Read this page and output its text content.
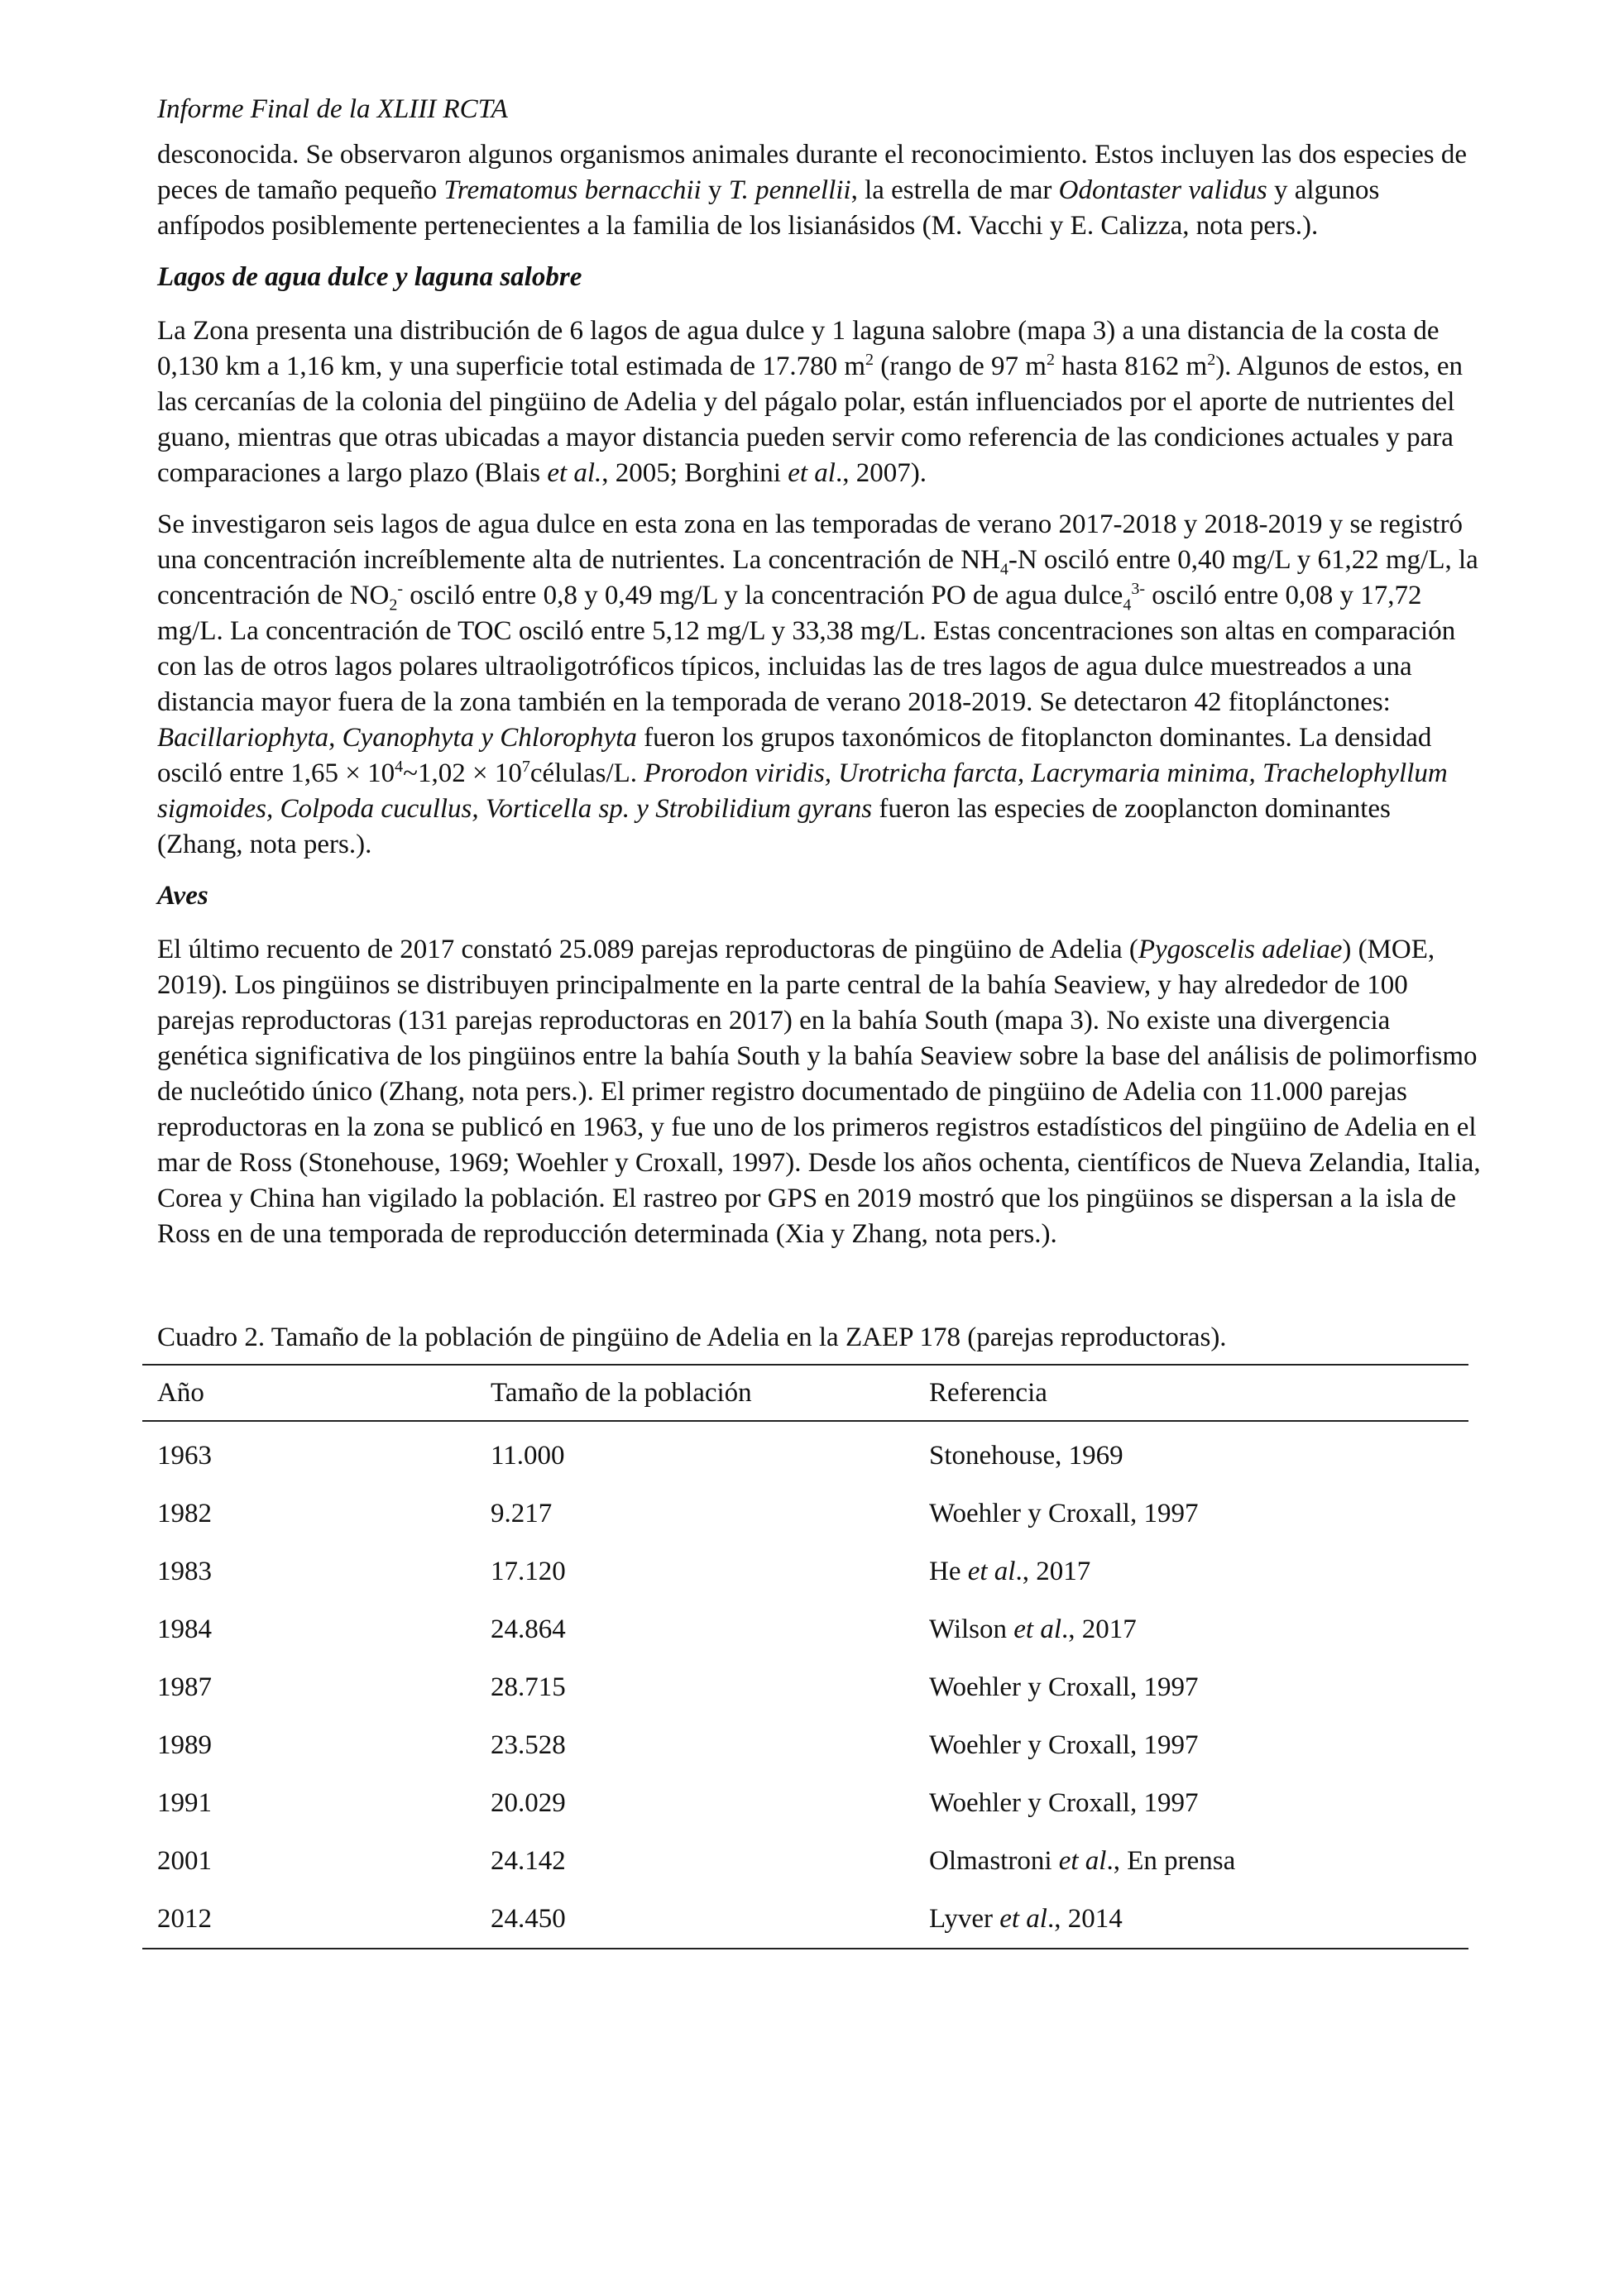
Informe Final de la XLIII RCTA

desconocida. Se observaron algunos organismos animales durante el reconocimiento. Estos incluyen las dos especies de peces de tamaño pequeño Trematomus bernacchii y T. pennellii, la estrella de mar Odontaster validus y algunos anfípodos posiblemente pertenecientes a la familia de los lisianásidos (M. Vacchi y E. Calizza, nota pers.).

Lagos de agua dulce y laguna salobre

La Zona presenta una distribución de 6 lagos de agua dulce y 1 laguna salobre (mapa 3) a una distancia de la costa de 0,130 km a 1,16 km, y una superficie total estimada de 17.780 $m^2$ (rango de 97 $m^2$ hasta 8162 $m^2$). Algunos de estos, en las cercanías de la colonia del pingüino de Adelia y del págalo polar, están influenciados por el aporte de nutrientes del guano, mientras que otras ubicadas a mayor distancia pueden servir como referencia de las condiciones actuales y para comparaciones a largo plazo (Blais et al., 2005; Borghini et al., 2007).

Se investigaron seis lagos de agua dulce en esta zona en las temporadas de verano 2017-2018 y 2018-2019 y se registró una concentración increíblemente alta de nutrientes. La concentración de $NH_4-N$ osciló entre 0,40 mg/L y 61,22 mg/L, la concentración de $NO_2^-$ osciló entre 0,8 y 0,49 mg/L y la concentración PO de agua dulce$_4^{3-}$ osciló entre 0,08 y 17,72 mg/L. La concentración de TOC osciló entre 5,12 mg/L y 33,38 mg/L. Estas concentraciones son altas en comparación con las de otros lagos polares ultraoligotróficos típicos, incluidas las de tres lagos de agua dulce muestreados a una distancia mayor fuera de la zona también en la temporada de verano 2018-2019. Se detectaron 42 fitoplánctones: Bacillariophyta, Cyanophyta y Chlorophyta fueron los grupos taxonómicos de fitoplancton dominantes. La densidad osciló entre $1,65 \times 10^4\sim 1,02$ × $10^7células/L$. Prorodon viridis, Urotricha farcta, Lacrymaria minima, Trachelophyllum sigmoides, Colpoda cucullus, Vorticella sp. y Strobilidium gyrans fueron las especies de zooplancton dominantes (Zhang, nota pers.).

Aves

El último recuento de 2017 constató 25.089 parejas reproductoras de pingüino de Adelia (Pygoscelis adeliae) (MOE, 2019). Los pingüinos se distribuyen principalmente en la parte central de la bahía Seaview, y hay alrededor de 100 parejas reproductoras (131 parejas reproductoras en 2017) en la bahía South (mapa 3). No existe una divergencia genética significativa de los pingüinos entre la bahía South y la bahía Seaview sobre la base del análisis de polimorfismo de nucleótido único (Zhang, nota pers.). El primer registro documentado de pingüino de Adelia con 11.000 parejas reproductoras en la zona se publicó en 1963, y fue uno de los primeros registros estadísticos del pingüino de Adelia en el mar de Ross (Stonehouse, 1969; Woehler y Croxall, 1997). Desde los años ochenta, científicos de Nueva Zelandia, Italia, Corea y China han vigilado la población. El rastreo por GPS en 2019 mostró que los pingüinos se dispersan a la isla de Ross en de una temporada de reproducción determinada (Xia y Zhang, nota pers.).

Cuadro 2. Tamaño de la población de pingüino de Adelia en la ZAEP 178 (parejas reproductoras).
Año	Tamaño de la población	Referencia
1963	11.000	Stonehouse, 1969
1982	9.217	Woehler y Croxall, 1997
1983	17.120	He et al., 2017
1984	24.864	Wilson et al., 2017
1987	28.715	Woehler y Croxall, 1997
1989	23.528	Woehler y Croxall, 1997
1991	20.029	Woehler y Croxall, 1997
2001	24.142	Olmastroni et al., En prensa
2012	24.450	Lyver et al., 2014
